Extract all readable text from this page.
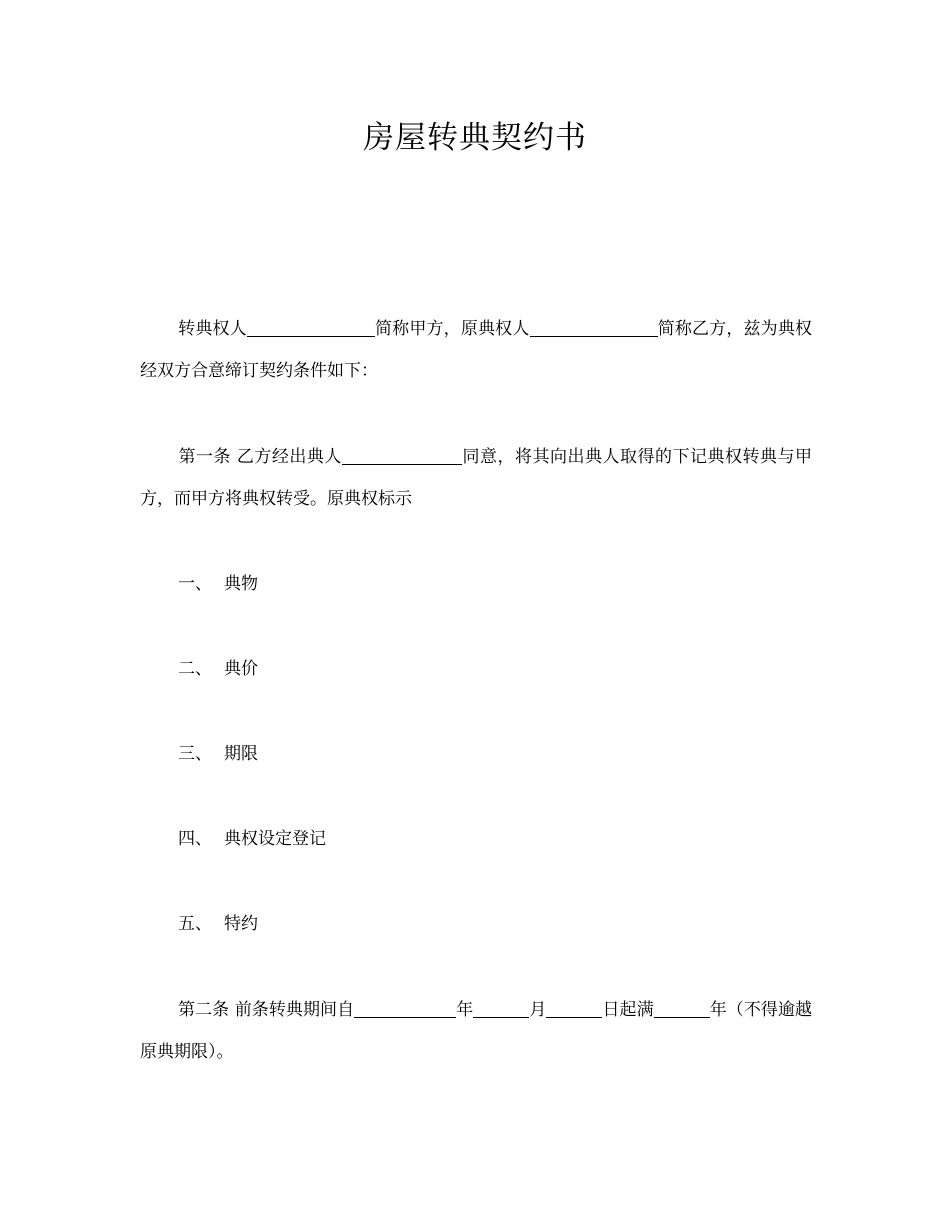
房屋转典契约书
转典权人	简称甲方，原典权人	简称乙方，兹为典权经双方合意缔订契约条件如下：
第一条 乙方经出典人	同意，将其向出典人取得的下记典权转典与甲方，而甲方将典权转受。原典权标示
一、 典物
二、 典价
三、 期限
四、 典权设定登记
五、 特约
第二条 前条转典期间自	年	月	日起满	年（不得逾越原典期限）。
